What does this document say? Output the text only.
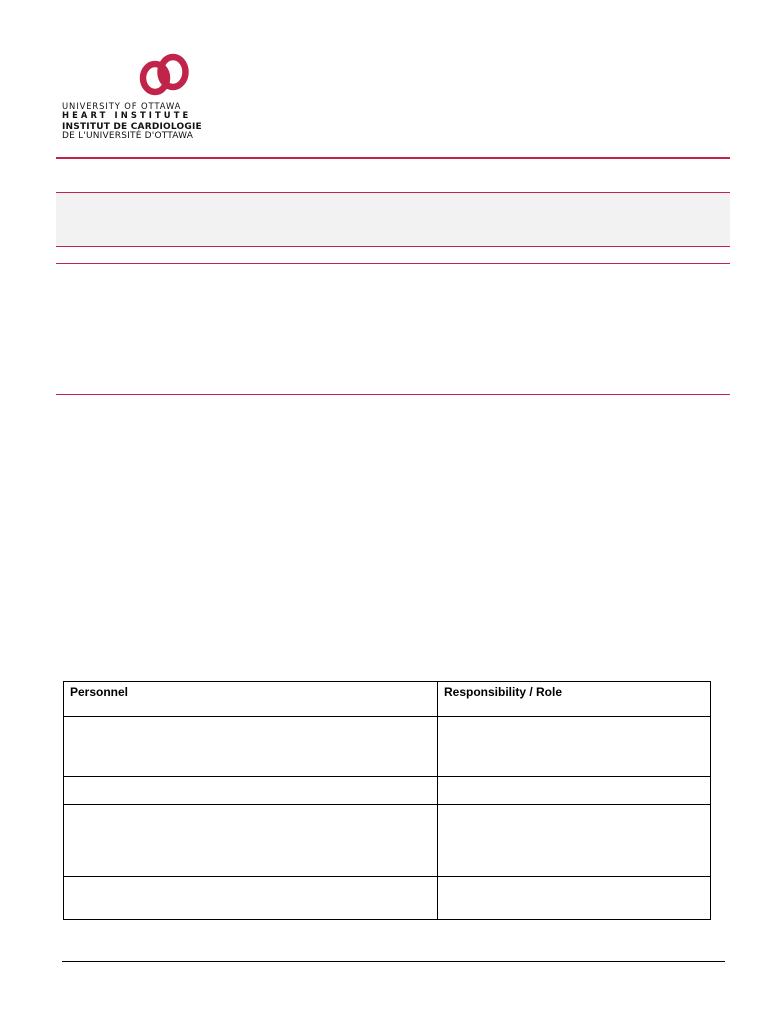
UNIVERSITY OF OTTAWA
HEART INSTITUTE
INSTITUT DE CARDIOLOGIE
DE L'UNIVERSITÉ D'OTTAWA
Personnel	Responsibility / Role
